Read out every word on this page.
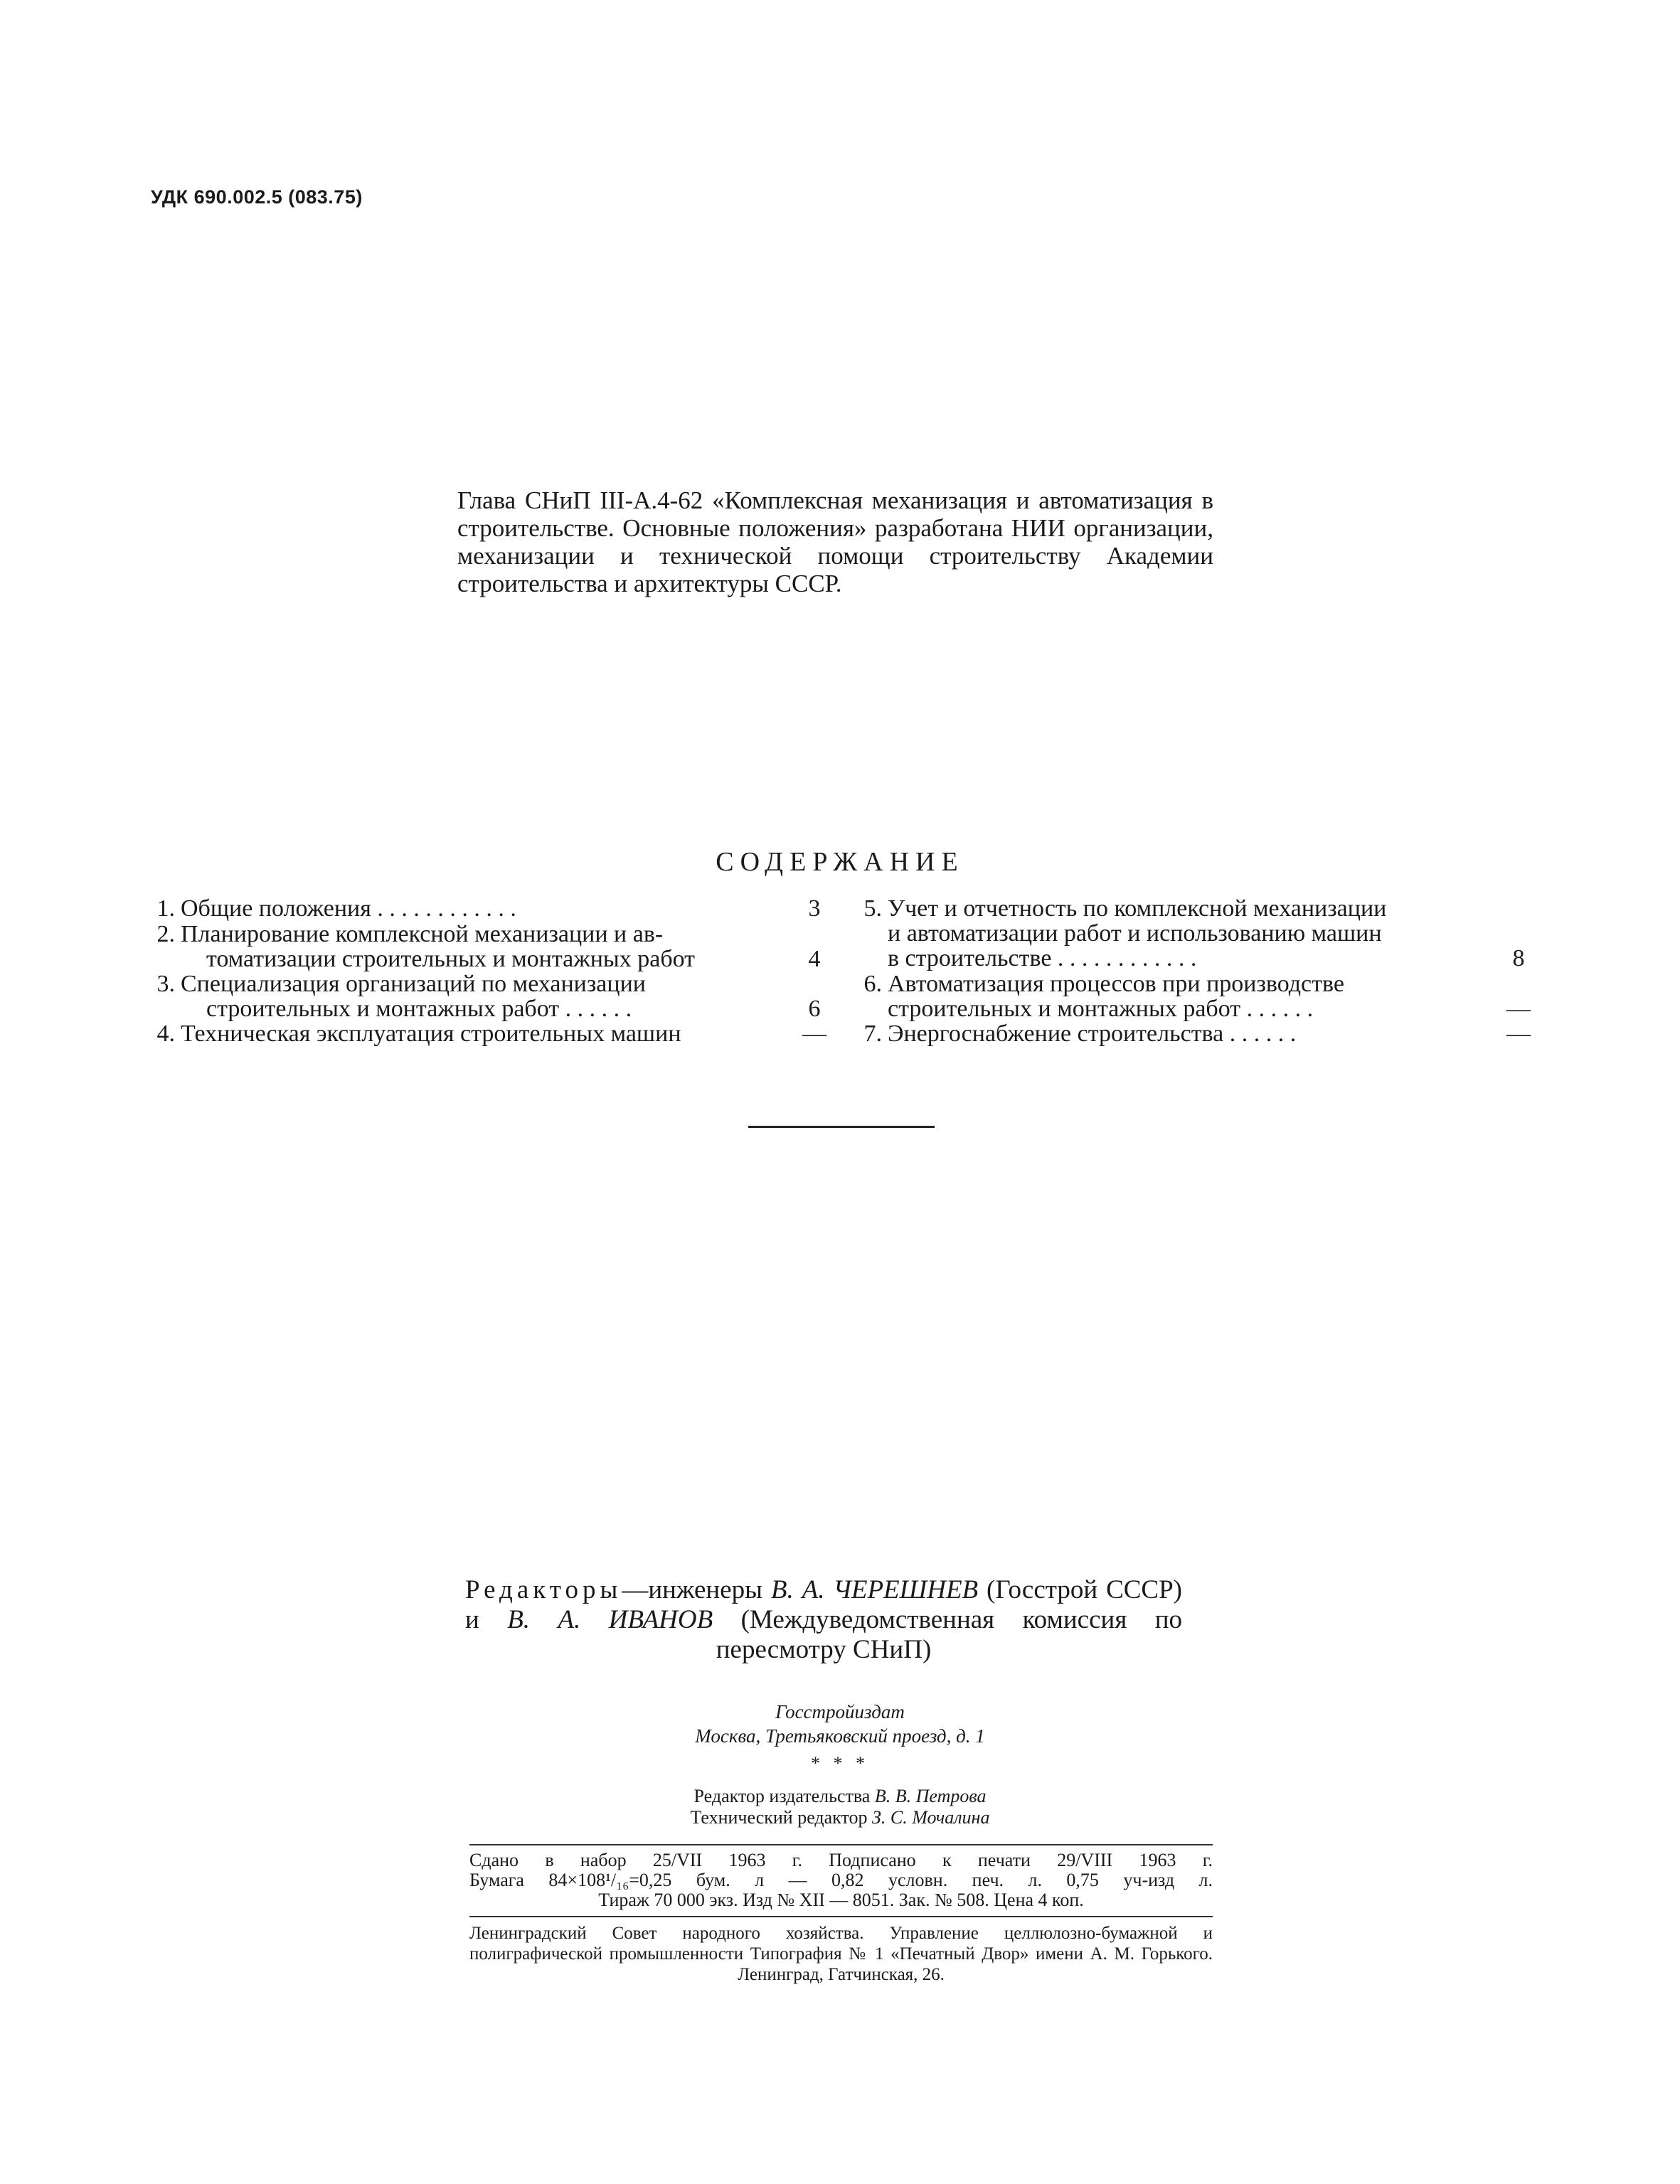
УДК 690.002.5 (083.75)
Глава СНиП III-А.4-62 «Комплексная механизация и автоматизация в строительстве. Основные положения» разработана НИИ организации, механизации и технической помощи строительству Академии строительства и архитектуры СССР.
СОДЕРЖАНИЕ
1. Общие положения . . . . . . . . . . . .	3
2. Планирование комплексной механизации и ав-
томатизации строительных и монтажных работ	4
3. Специализация организаций по механизации
строительных и монтажных работ . . . . . .	6
4. Техническая эксплуатация строительных машин	—
5. Учет и отчетность по комплексной механизации
и автоматизации работ и использованию машин
в строительстве . . . . . . . . . . . .	8
6. Автоматизация процессов при производстве
строительных и монтажных работ . . . . . .	—
7. Энергоснабжение строительства . . . . . .	—
Редакторы—инженеры В. А. ЧЕРЕШНЕВ (Госстрой СССР) и В. А. ИВАНОВ (Междуведомственная комиссия по пересмотру СНиП)
Госстройиздат
Москва, Третьяковский проезд, д. 1
* * *
Редактор издательства В. В. Петрова
Технический редактор З. С. Мочалина
Сдано в набор 25/VII 1963 г. Подписано к печати 29/VIII 1963 г.
Бумага 84×108¹/₁₆=0,25 бум. л — 0,82 условн. печ. л. 0,75 уч-изд л.
Тираж 70 000 экз. Изд № XII — 8051. Зак. № 508. Цена 4 коп.
Ленинградский Совет народного хозяйства. Управление целлюлозно-бумажной и полиграфической промышленности Типография № 1 «Печатный Двор» имени А. М. Горького. Ленинград, Гатчинская, 26.
